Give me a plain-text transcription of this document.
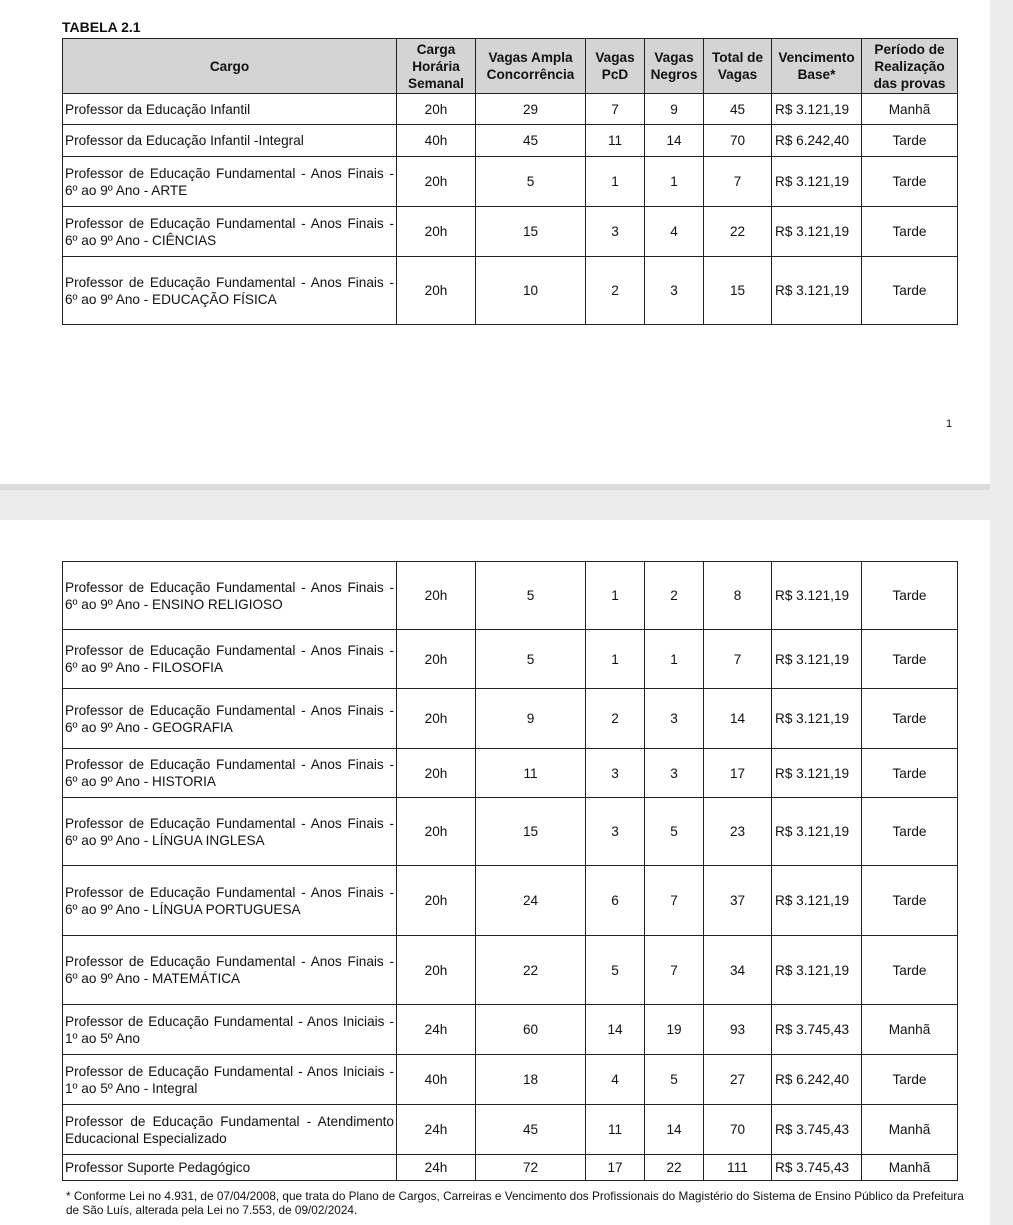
TABELA 2.1
Cargo	Carga Horária Semanal	Vagas Ampla Concorrência	Vagas PcD	Vagas Negros	Total de Vagas	Vencimento Base*	Período de Realização das provas
Professor da Educação Infantil	20h	29	7	9	45	R$ 3.121,19	Manhã
Professor da Educação Infantil -Integral	40h	45	11	14	70	R$ 6.242,40	Tarde
Professor de Educação Fundamental - Anos Finais - 6º ao 9º Ano - ARTE	20h	5	1	1	7	R$ 3.121,19	Tarde
Professor de Educação Fundamental - Anos Finais - 6º ao 9º Ano - CIÊNCIAS	20h	15	3	4	22	R$ 3.121,19	Tarde
Professor de Educação Fundamental - Anos Finais - 6º ao 9º Ano - EDUCAÇÃO FÍSICA	20h	10	2	3	15	R$ 3.121,19	Tarde
1
Professor de Educação Fundamental - Anos Finais - 6º ao 9º Ano - ENSINO RELIGIOSO	20h	5	1	2	8	R$ 3.121,19	Tarde
Professor de Educação Fundamental - Anos Finais - 6º ao 9º Ano - FILOSOFIA	20h	5	1	1	7	R$ 3.121,19	Tarde
Professor de Educação Fundamental - Anos Finais - 6º ao 9º Ano - GEOGRAFIA	20h	9	2	3	14	R$ 3.121,19	Tarde
Professor de Educação Fundamental - Anos Finais - 6º ao 9º Ano - HISTORIA	20h	11	3	3	17	R$ 3.121,19	Tarde
Professor de Educação Fundamental - Anos Finais - 6º ao 9º Ano - LÍNGUA INGLESA	20h	15	3	5	23	R$ 3.121,19	Tarde
Professor de Educação Fundamental - Anos Finais - 6º ao 9º Ano - LÍNGUA PORTUGUESA	20h	24	6	7	37	R$ 3.121,19	Tarde
Professor de Educação Fundamental - Anos Finais - 6º ao 9º Ano - MATEMÁTICA	20h	22	5	7	34	R$ 3.121,19	Tarde
Professor de Educação Fundamental - Anos Iniciais - 1º ao 5º Ano	24h	60	14	19	93	R$ 3.745,43	Manhã
Professor de Educação Fundamental - Anos Iniciais - 1º ao 5º Ano - Integral	40h	18	4	5	27	R$ 6.242,40	Tarde
Professor de Educação Fundamental - Atendimento Educacional Especializado	24h	45	11	14	70	R$ 3.745,43	Manhã
Professor Suporte Pedagógico	24h	72	17	22	111	R$ 3.745,43	Manhã
* Conforme Lei no 4.931, de 07/04/2008, que trata do Plano de Cargos, Carreiras e Vencimento dos Profissionais do Magistério do Sistema de Ensino Público da Prefeitura de São Luís, alterada pela Lei no 7.553, de 09/02/2024.
